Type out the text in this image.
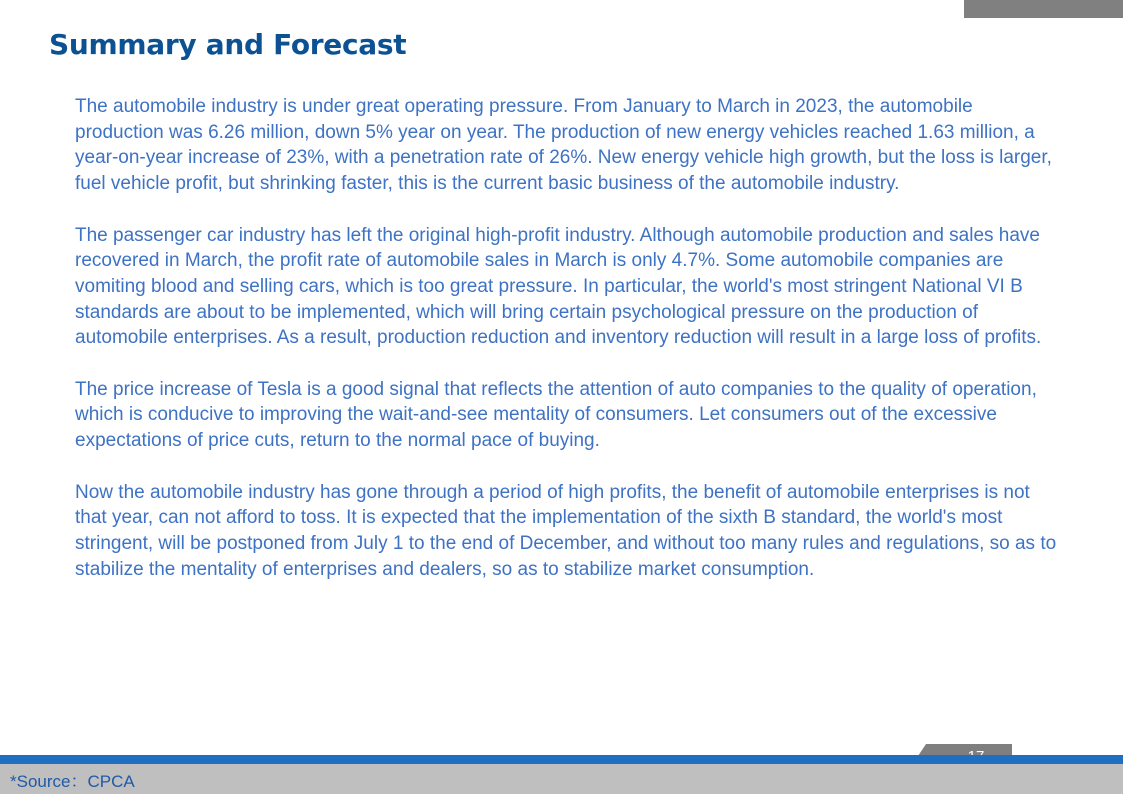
Summary and Forecast

The automobile industry is under great operating pressure. From January to March in 2023, the automobile production was 6.26 million, down 5% year on year. The production of new energy vehicles reached 1.63 million, a year-on-year increase of 23%, with a penetration rate of 26%. New energy vehicle high growth, but the loss is larger, fuel vehicle profit, but shrinking faster, this is the current basic business of the automobile industry.

The passenger car industry has left the original high-profit industry. Although automobile production and sales have recovered in March, the profit rate of automobile sales in March is only 4.7%. Some automobile companies are vomiting blood and selling cars, which is too great pressure. In particular, the world's most stringent National VI B standards are about to be implemented, which will bring certain psychological pressure on the production of automobile enterprises. As a result, production reduction and inventory reduction will result in a large loss of profits.

The price increase of Tesla is a good signal that reflects the attention of auto companies to the quality of operation, which is conducive to improving the wait-and-see mentality of consumers. Let consumers out of the excessive expectations of price cuts, return to the normal pace of buying.

Now the automobile industry has gone through a period of high profits, the benefit of automobile enterprises is not that year, can not afford to toss. It is expected that the implementation of the sixth B standard, the world's most stringent, will be postponed from July 1 to the end of December, and without too many rules and regulations, so as to stabilize the mentality of enterprises and dealers, so as to stabilize market consumption.

*Source：CPCA
